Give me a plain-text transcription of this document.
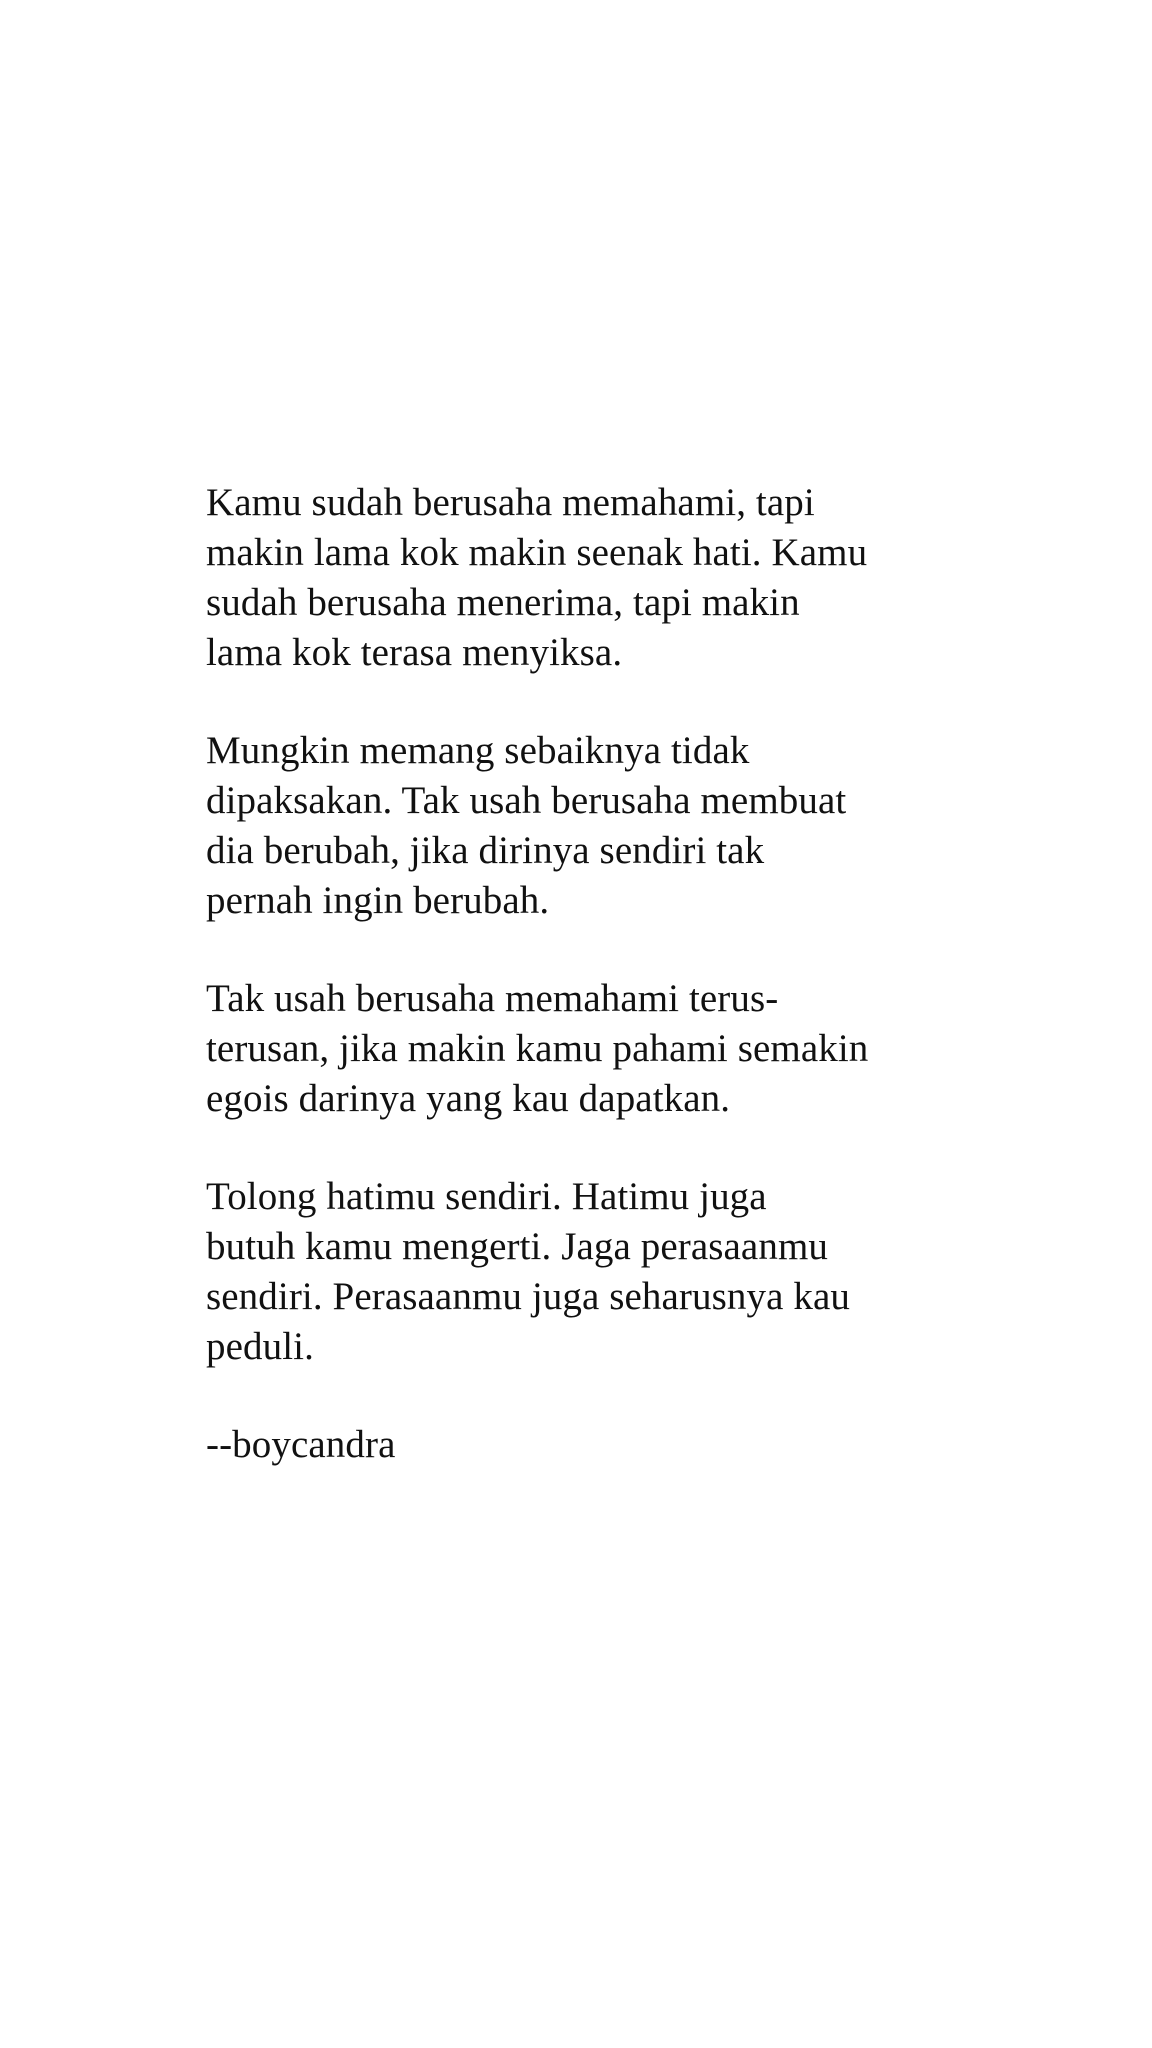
Kamu sudah berusaha memahami, tapi
makin lama kok makin seenak hati. Kamu
sudah berusaha menerima, tapi makin
lama kok terasa menyiksa.

Mungkin memang sebaiknya tidak
dipaksakan. Tak usah berusaha membuat
dia berubah, jika dirinya sendiri tak
pernah ingin berubah.

Tak usah berusaha memahami terus-
terusan, jika makin kamu pahami semakin
egois darinya yang kau dapatkan.

Tolong hatimu sendiri. Hatimu juga
butuh kamu mengerti. Jaga perasaanmu
sendiri. Perasaanmu juga seharusnya kau
peduli.

--boycandra
